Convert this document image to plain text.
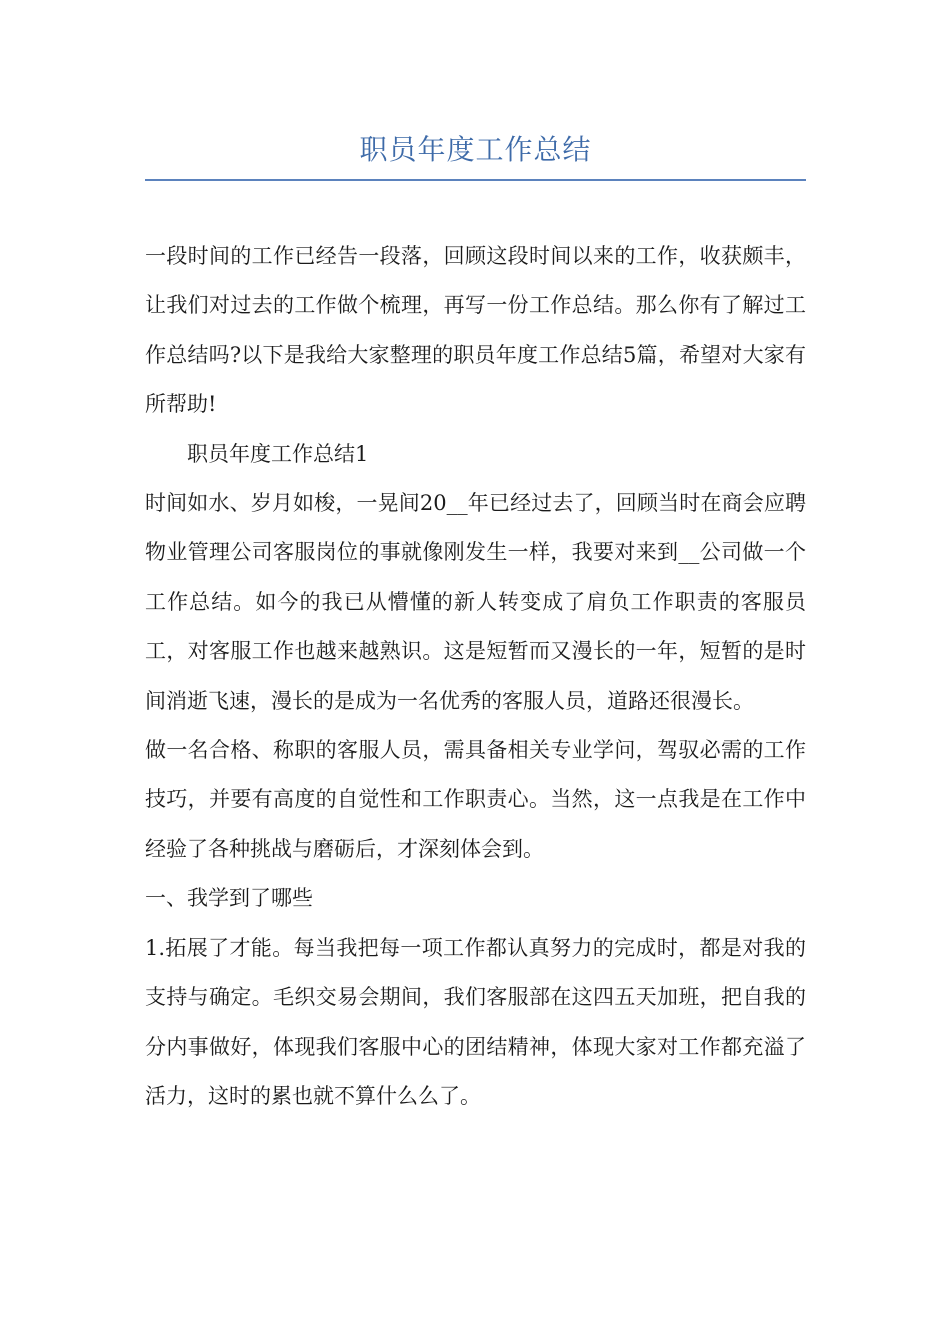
职员年度工作总结

一段时间的工作已经告一段落，回顾这段时间以来的工作，收获颇丰，让我们对过去的工作做个梳理，再写一份工作总结。那么你有了解过工作总结吗?以下是我给大家整理的职员年度工作总结5篇，希望对大家有所帮助!

职员年度工作总结1

时间如水、岁月如梭，一晃间20__年已经过去了，回顾当时在商会应聘物业管理公司客服岗位的事就像刚发生一样，我要对来到__公司做一个工作总结。如今的我已从懵懂的新人转变成了肩负工作职责的客服员工，对客服工作也越来越熟识。这是短暂而又漫长的一年，短暂的是时间消逝飞速，漫长的是成为一名优秀的客服人员，道路还很漫长。

做一名合格、称职的客服人员，需具备相关专业学问，驾驭必需的工作技巧，并要有高度的自觉性和工作职责心。当然，这一点我是在工作中经验了各种挑战与磨砺后，才深刻体会到。

一、我学到了哪些

1.拓展了才能。每当我把每一项工作都认真努力的完成时，都是对我的支持与确定。毛织交易会期间，我们客服部在这四五天加班，把自我的分内事做好，体现我们客服中心的团结精神，体现大家对工作都充溢了活力，这时的累也就不算什么么了。
